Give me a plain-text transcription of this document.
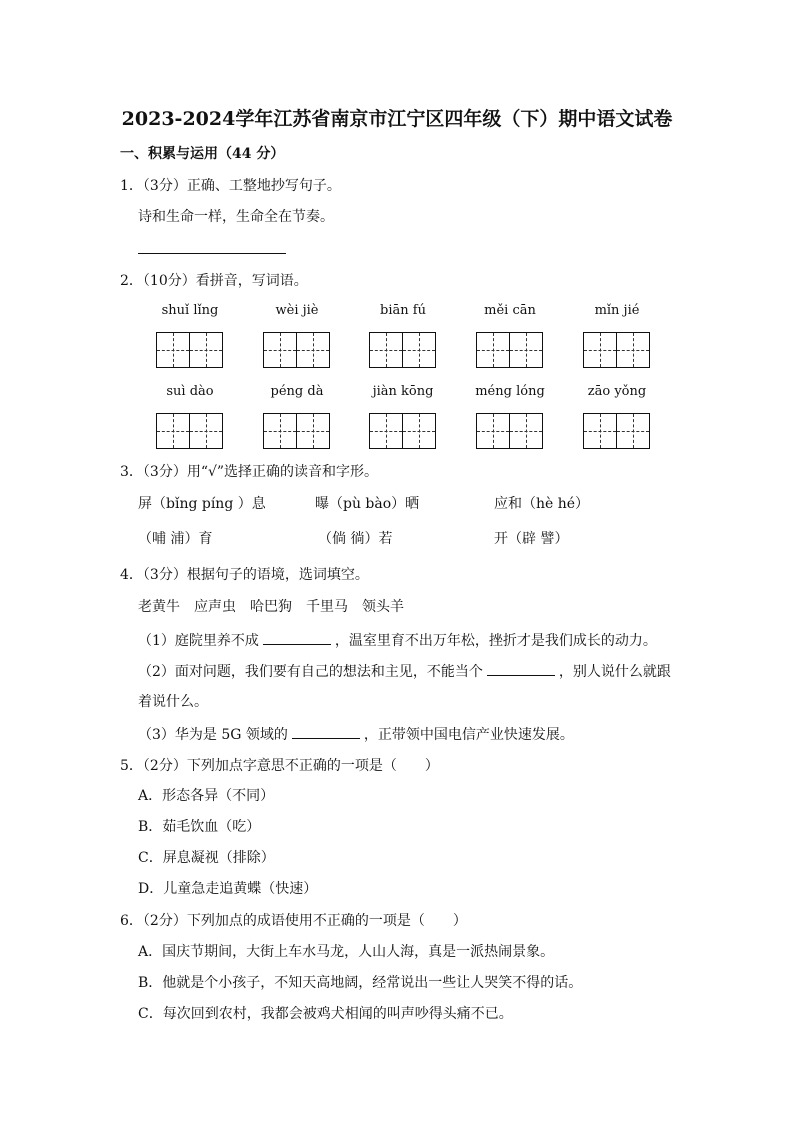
2023-2024学年江苏省南京市江宁区四年级（下）期中语文试卷
一、积累与运用（44 分）
1．（3分）正确、工整地抄写句子。
诗和生命一样，生命全在节奏。
2．（10分）看拼音，写词语。
shuǐ lǐng	wèi jiè	biān fú	měi cān	mǐn jié
suì dào	péng dà	jiàn kōng	méng lóng	zāo yǒng
3．（3分）用“√”选择正确的读音和字形。
屏（bǐng píng ）息	曝（pù bào）晒	应和（hè hé）
（哺 浦）育	（倘 徜）若	开（辟 譬）
4．（3分）根据句子的语境，选词填空。
老黄牛 应声虫 哈巴狗 千里马 领头羊
（1）庭院里养不成	，温室里育不出万年松，挫折才是我们成长的动力。
（2）面对问题，我们要有自己的想法和主见，不能当个	，别人说什么就跟
着说什么。
（3）华为是 5G 领域的	，正带领中国电信产业快速发展。
5．（2分）下列加点字意思不正确的一项是（　　）
A．形态各异（不同）
B．茹毛饮血（吃）
C．屏息凝视（排除）
D．儿童急走追黄蝶（快速）
6．（2分）下列加点的成语使用不正确的一项是（　　）
A．国庆节期间，大街上车水马龙，人山人海，真是一派热闹景象。
B．他就是个小孩子，不知天高地阔，经常说出一些让人哭笑不得的话。
C．每次回到农村，我都会被鸡犬相闻的叫声吵得头痛不已。
